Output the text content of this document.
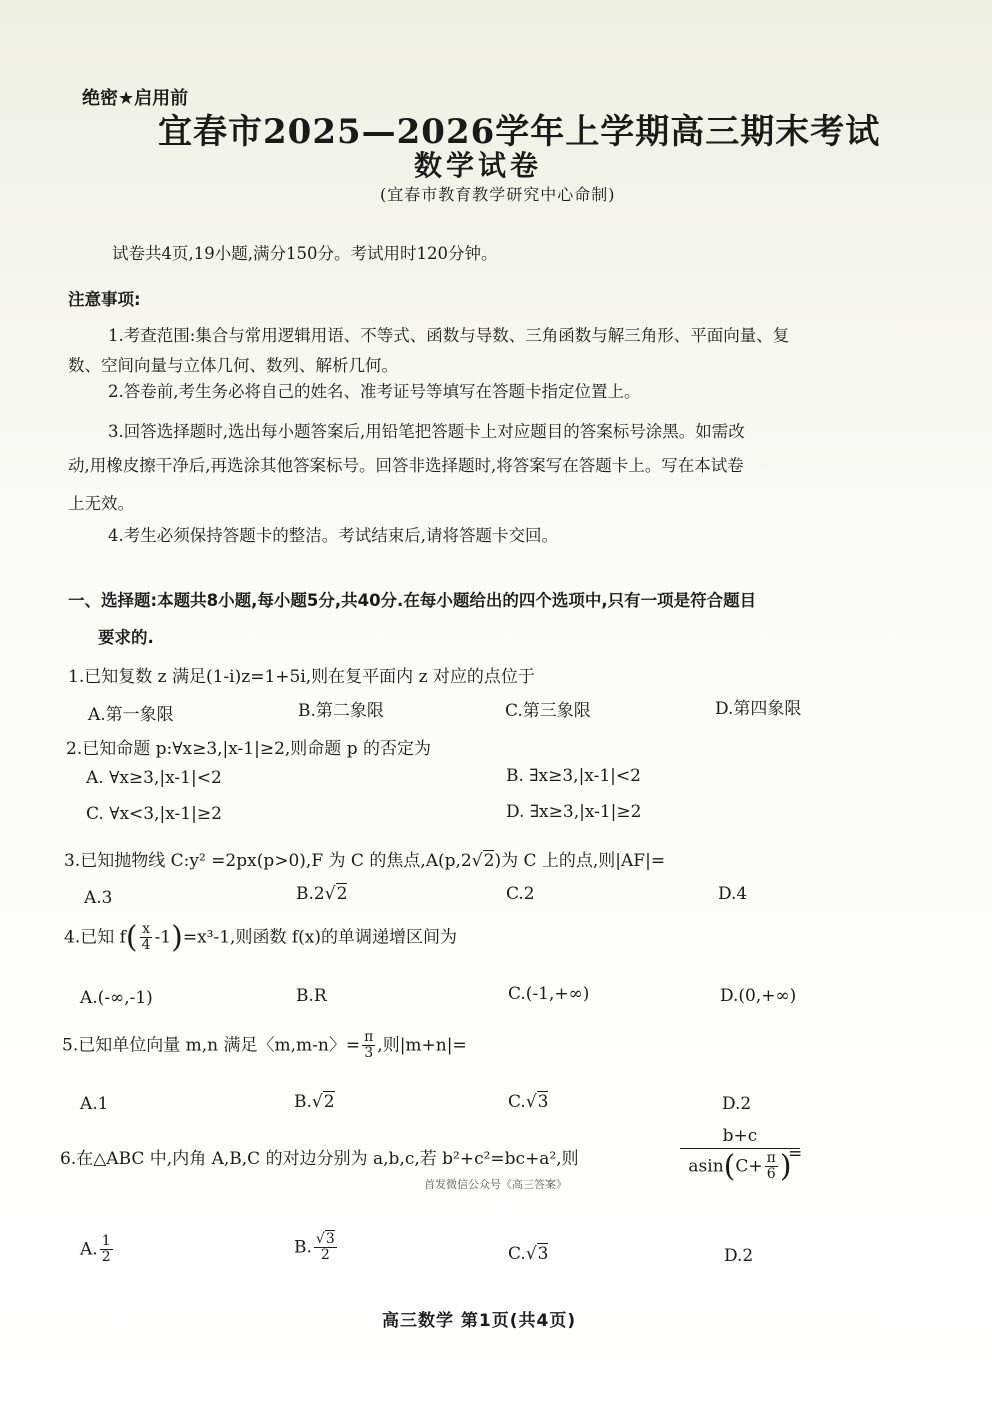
绝密★启用前
宜春市2025—2026学年上学期高三期末考试
数学试卷
(宜春市教育教学研究中心命制)
试卷共4页,19小题,满分150分。考试用时120分钟。
注意事项:
1.考查范围:集合与常用逻辑用语、不等式、函数与导数、三角函数与解三角形、平面向量、复
数、空间向量与立体几何、数列、解析几何。
2.答卷前,考生务必将自己的姓名、准考证号等填写在答题卡指定位置上。
3.回答选择题时,选出每小题答案后,用铅笔把答题卡上对应题目的答案标号涂黑。如需改
动,用橡皮擦干净后,再选涂其他答案标号。回答非选择题时,将答案写在答题卡上。写在本试卷
上无效。
4.考生必须保持答题卡的整洁。考试结束后,请将答题卡交回。
一、选择题:本题共8小题,每小题5分,共40分.在每小题给出的四个选项中,只有一项是符合题目
要求的.
1.已知复数 z 满足(1-i)z=1+5i,则在复平面内 z 对应的点位于
A.第一象限	B.第二象限	C.第三象限	D.第四象限
2.已知命题 p:∀x≥3,|x-1|≥2,则命题 p 的否定为
A. ∀x≥3,|x-1|<2	B. ∃x≥3,|x-1|<2
C. ∀x<3,|x-1|≥2	D. ∃x≥3,|x-1|≥2
3.已知抛物线 C:y² =2px(p>0),F 为 C 的焦点,A(p,2√2)为 C 上的点,则|AF|=
A.3	B.2√2	C.2	D.4
4.已知 $f( \frac{x}{4} -1)=x^3-1$,则函数 f(x)的单调递增区间为
A.(-∞,-1)	B.R	C.(-1,+∞)	D.(0,+∞)
5.已知单位向量 m,n 满足〈m,m-n〉= $\frac{\pi}{3}$ ,则|m+n|=
A.1	B.√2	C.√3	D.2
6.在△ABC 中,内角 A,B,C 的对边分别为 a,b,c,若 b²+c²=bc+a²,则
b+c
$asin(C+ \frac{\pi}{6}$ )
=
首发微信公众号《高三答案》
A. $\frac{1}{2}$	B. $\frac{√3}{2}$	C.√3	D.2
高三数学 第1页(共4页)
